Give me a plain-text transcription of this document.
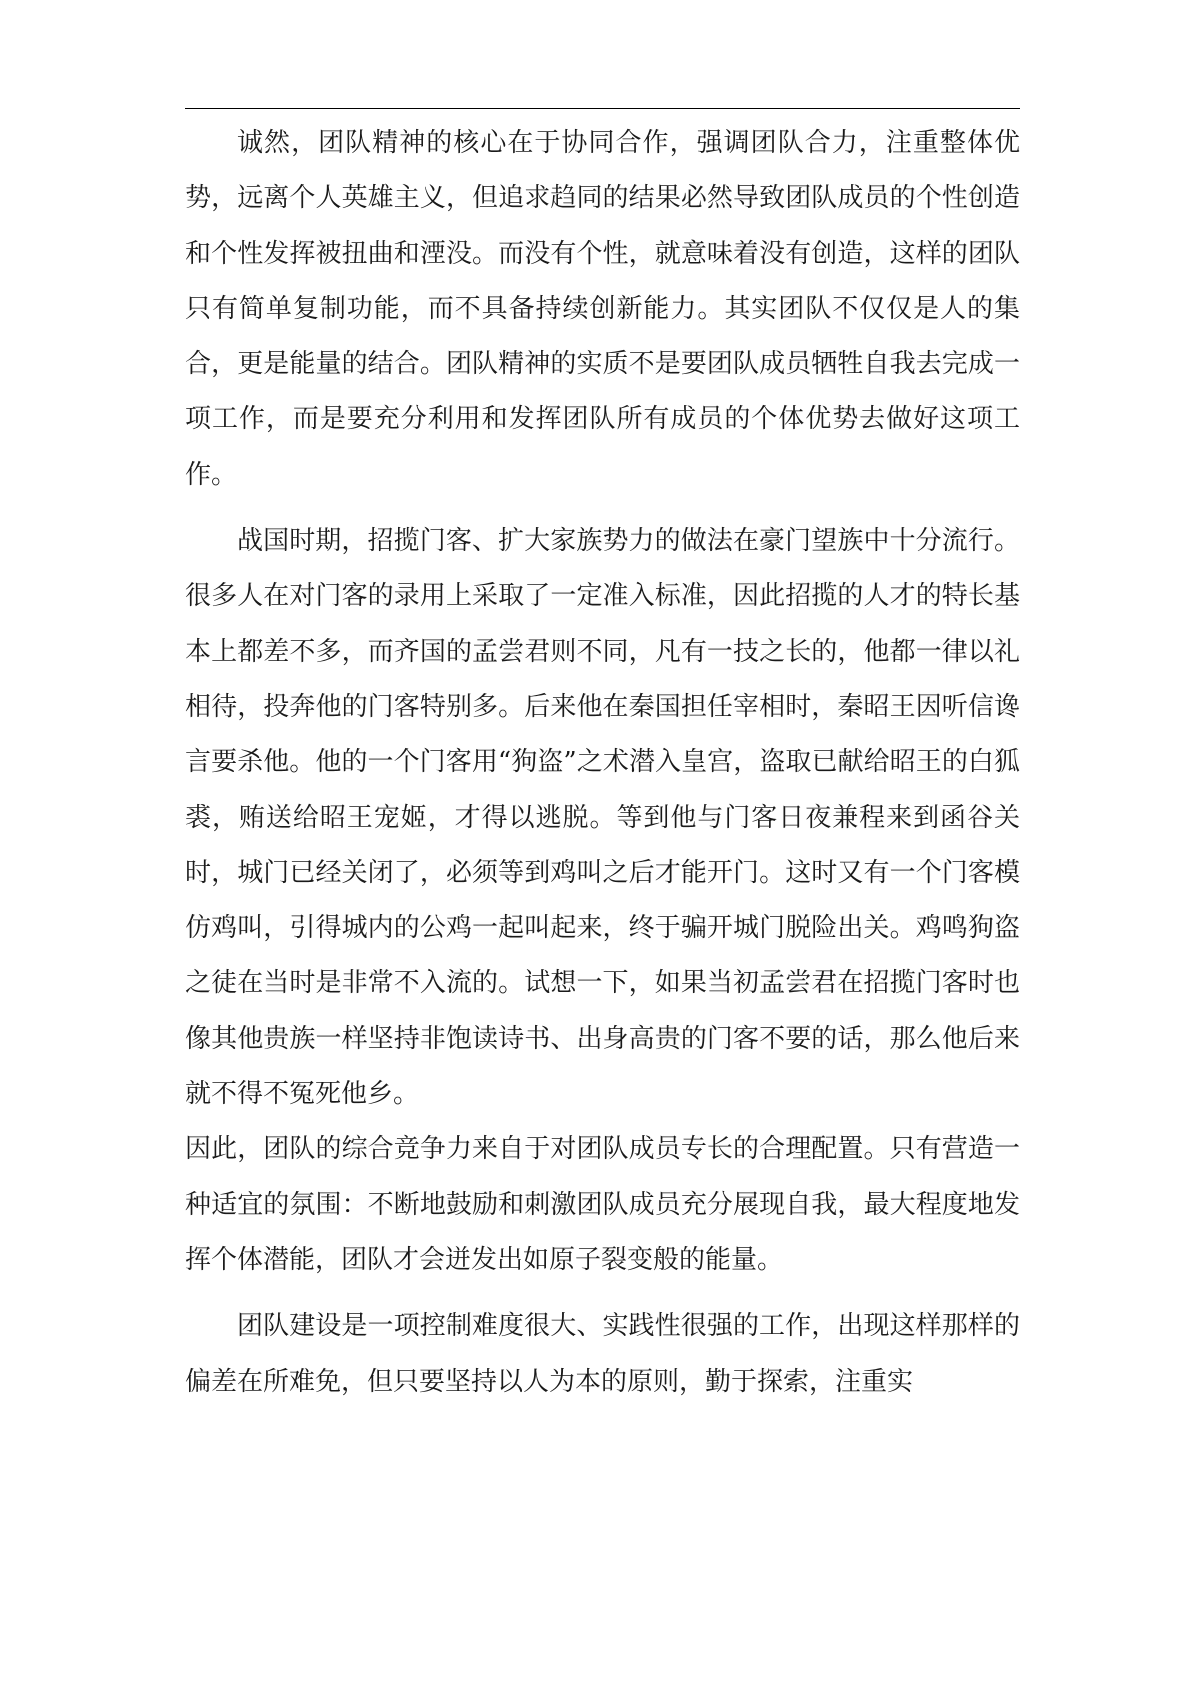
诚然，团队精神的核心在于协同合作，强调团队合力，注重整体优势，远离个人英雄主义，但追求趋同的结果必然导致团队成员的个性创造和个性发挥被扭曲和湮没。而没有个性，就意味着没有创造，这样的团队只有简单复制功能，而不具备持续创新能力。其实团队不仅仅是人的集合，更是能量的结合。团队精神的实质不是要团队成员牺牲自我去完成一项工作，而是要充分利用和发挥团队所有成员的个体优势去做好这项工作。

战国时期，招揽门客、扩大家族势力的做法在豪门望族中十分流行。很多人在对门客的录用上采取了一定准入标准，因此招揽的人才的特长基本上都差不多，而齐国的孟尝君则不同，凡有一技之长的，他都一律以礼相待，投奔他的门客特别多。后来他在秦国担任宰相时，秦昭王因听信谗言要杀他。他的一个门客用“狗盗”之术潜入皇宫，盗取已献给昭王的白狐裘，贿送给昭王宠姬，才得以逃脱。等到他与门客日夜兼程来到函谷关时，城门已经关闭了，必须等到鸡叫之后才能开门。这时又有一个门客模仿鸡叫，引得城内的公鸡一起叫起来，终于骗开城门脱险出关。鸡鸣狗盗之徒在当时是非常不入流的。试想一下，如果当初孟尝君在招揽门客时也像其他贵族一样坚持非饱读诗书、出身高贵的门客不要的话，那么他后来就不得不冤死他乡。

因此，团队的综合竞争力来自于对团队成员专长的合理配置。只有营造一种适宜的氛围：不断地鼓励和刺激团队成员充分展现自我，最大程度地发挥个体潜能，团队才会迸发出如原子裂变般的能量。

团队建设是一项控制难度很大、实践性很强的工作，出现这样那样的偏差在所难免，但只要坚持以人为本的原则，勤于探索，注重实
